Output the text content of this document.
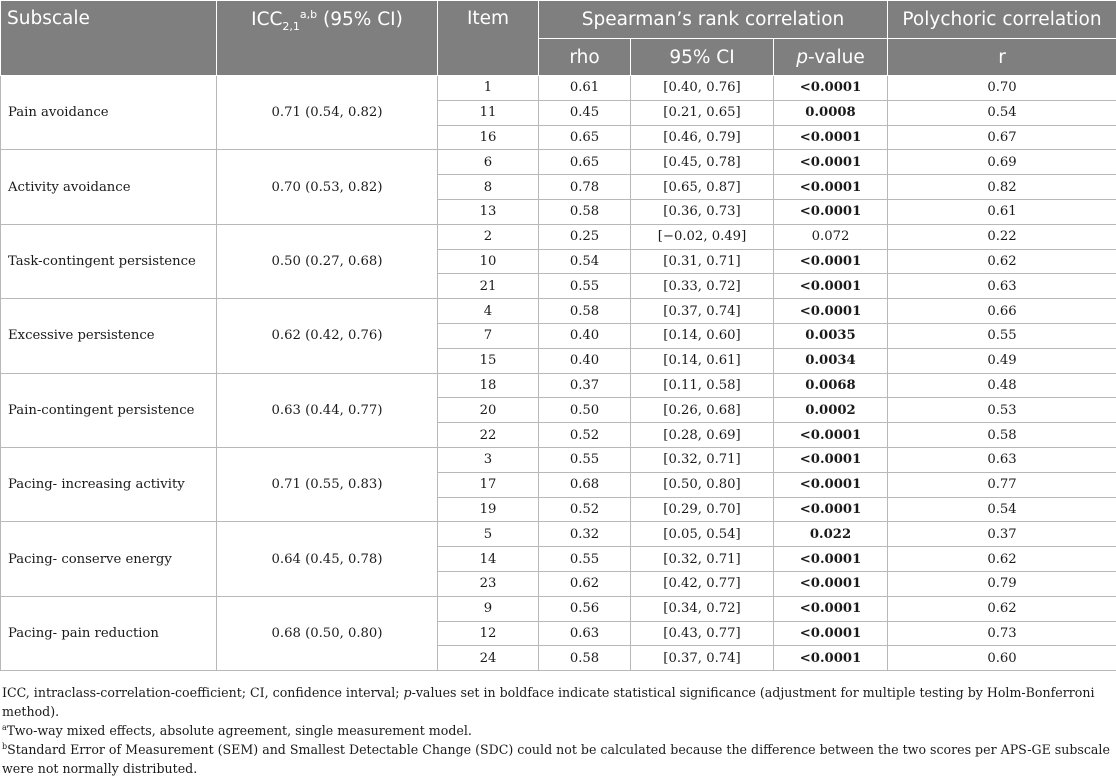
Subscale	$ICC_{2,1}^{a,b}$ (95% CI)	Item	Spearman’s rank correlation			Polychoric correlation
			rho	95% CI	p-value	r
Pain avoidance	0.71 (0.54, 0.82)	1	0.61	[0.40, 0.76]	<0.0001	0.70
		11	0.45	[0.21, 0.65]	0.0008	0.54
		16	0.65	[0.46, 0.79]	<0.0001	0.67
Activity avoidance	0.70 (0.53, 0.82)	6	0.65	[0.45, 0.78]	<0.0001	0.69
		8	0.78	[0.65, 0.87]	<0.0001	0.82
		13	0.58	[0.36, 0.73]	<0.0001	0.61
Task-contingent persistence	0.50 (0.27, 0.68)	2	0.25	[−0.02, 0.49]	0.072	0.22
		10	0.54	[0.31, 0.71]	<0.0001	0.62
		21	0.55	[0.33, 0.72]	<0.0001	0.63
Excessive persistence	0.62 (0.42, 0.76)	4	0.58	[0.37, 0.74]	<0.0001	0.66
		7	0.40	[0.14, 0.60]	0.0035	0.55
		15	0.40	[0.14, 0.61]	0.0034	0.49
Pain-contingent persistence	0.63 (0.44, 0.77)	18	0.37	[0.11, 0.58]	0.0068	0.48
		20	0.50	[0.26, 0.68]	0.0002	0.53
		22	0.52	[0.28, 0.69]	<0.0001	0.58
Pacing- increasing activity	0.71 (0.55, 0.83)	3	0.55	[0.32, 0.71]	<0.0001	0.63
		17	0.68	[0.50, 0.80]	<0.0001	0.77
		19	0.52	[0.29, 0.70]	<0.0001	0.54
Pacing- conserve energy	0.64 (0.45, 0.78)	5	0.32	[0.05, 0.54]	0.022	0.37
		14	0.55	[0.32, 0.71]	<0.0001	0.62
		23	0.62	[0.42, 0.77]	<0.0001	0.79
Pacing- pain reduction	0.68 (0.50, 0.80)	9	0.56	[0.34, 0.72]	<0.0001	0.62
		12	0.63	[0.43, 0.77]	<0.0001	0.73
		24	0.58	[0.37, 0.74]	<0.0001	0.60

ICC, intraclass-correlation-coefficient; CI, confidence interval; p-values set in boldface indicate statistical significance (adjustment for multiple testing by Holm-Bonferroni method).

$^a$Two-way mixed effects, absolute agreement, single measurement model.

$^b$Standard Error of Measurement (SEM) and Smallest Detectable Change (SDC) could not be calculated because the difference between the two scores per APS-GE subscale were not normally distributed.
